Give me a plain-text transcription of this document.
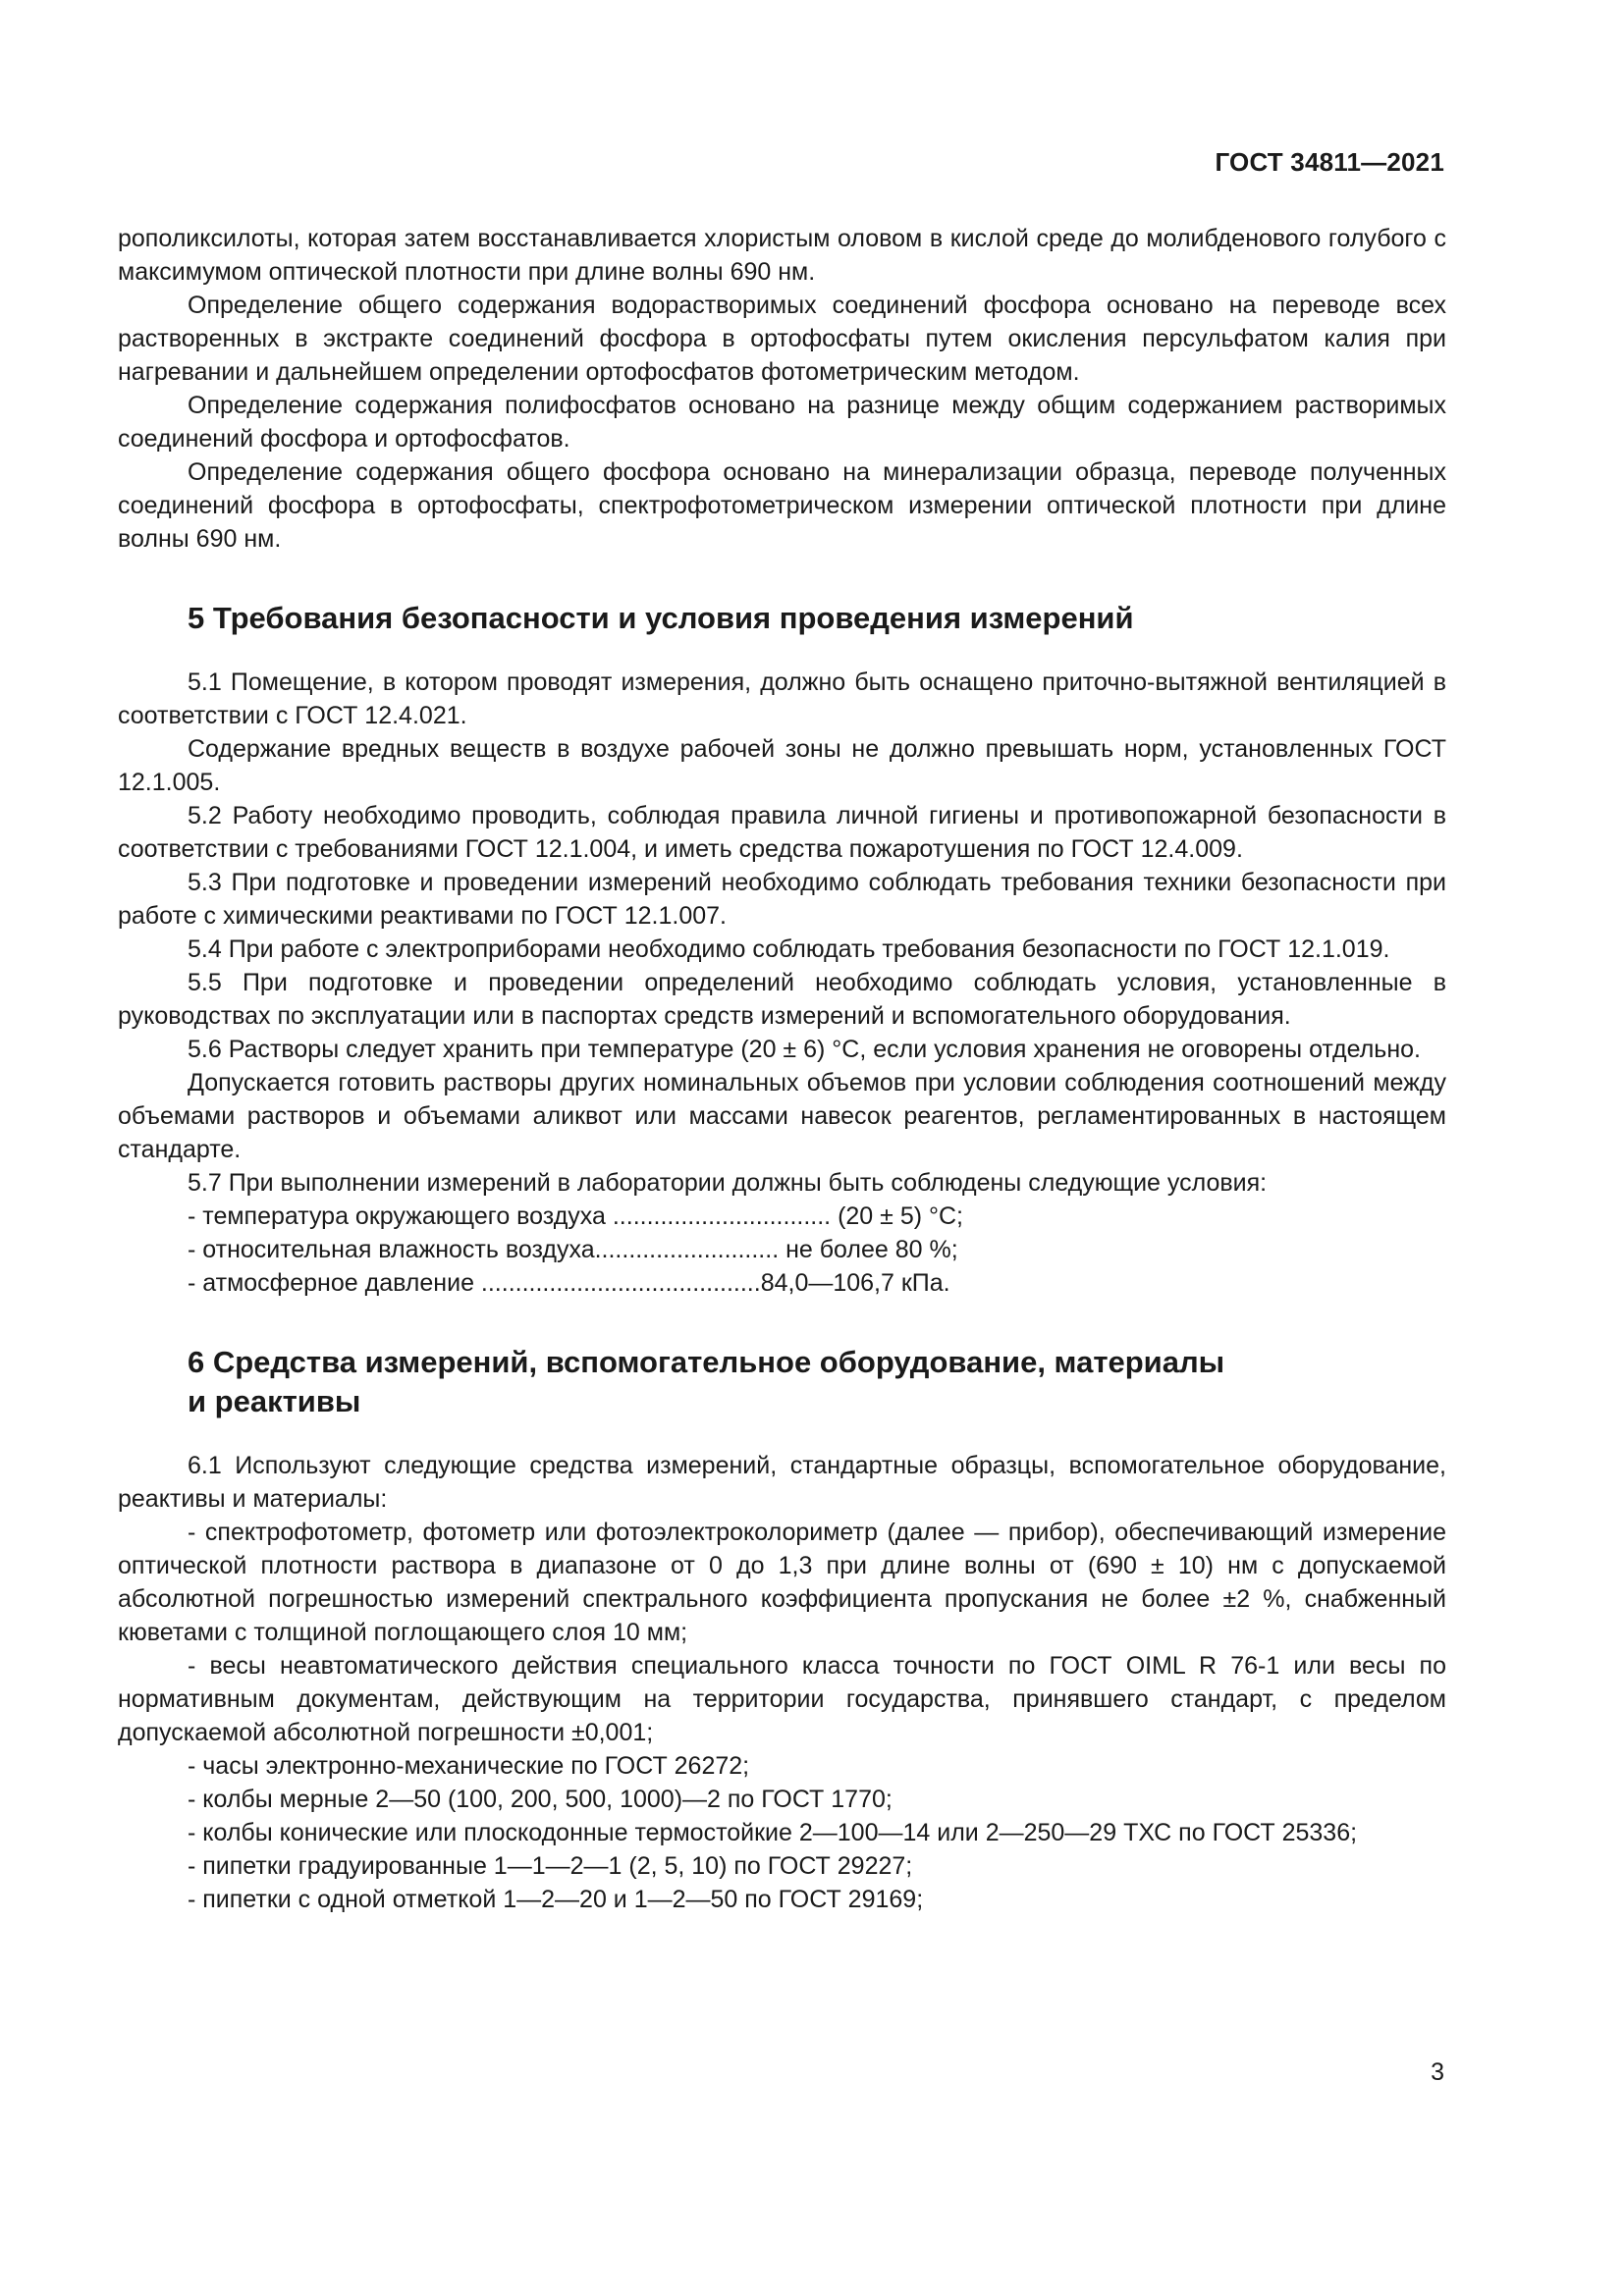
ГОСТ 34811—2021

рополиксилоты, которая затем восстанавливается хлористым оловом в кислой среде до молибденового голубого с максимумом оптической плотности при длине волны 690 нм.

Определение общего содержания водорастворимых соединений фосфора основано на переводе всех растворенных в экстракте соединений фосфора в ортофосфаты путем окисления персульфатом калия при нагревании и дальнейшем определении ортофосфатов фотометрическим методом.

Определение содержания полифосфатов основано на разнице между общим содержанием растворимых соединений фосфора и ортофосфатов.

Определение содержания общего фосфора основано на минерализации образца, переводе полученных соединений фосфора в ортофосфаты, спектрофотометрическом измерении оптической плотности при длине волны 690 нм.

5 Требования безопасности и условия проведения измерений

5.1 Помещение, в котором проводят измерения, должно быть оснащено приточно-вытяжной вентиляцией в соответствии с ГОСТ 12.4.021.

Содержание вредных веществ в воздухе рабочей зоны не должно превышать норм, установленных ГОСТ 12.1.005.

5.2 Работу необходимо проводить, соблюдая правила личной гигиены и противопожарной безопасности в соответствии с требованиями ГОСТ 12.1.004, и иметь средства пожаротушения по ГОСТ 12.4.009.

5.3 При подготовке и проведении измерений необходимо соблюдать требования техники безопасности при работе с химическими реактивами по ГОСТ 12.1.007.

5.4 При работе с электроприборами необходимо соблюдать требования безопасности по ГОСТ 12.1.019.

5.5 При подготовке и проведении определений необходимо соблюдать условия, установленные в руководствах по эксплуатации или в паспортах средств измерений и вспомогательного оборудования.

5.6 Растворы следует хранить при температуре (20 ± 6) °С, если условия хранения не оговорены отдельно.

Допускается готовить растворы других номинальных объемов при условии соблюдения соотношений между объемами растворов и объемами аликвот или массами навесок реагентов, регламентированных в настоящем стандарте.

5.7 При выполнении измерений в лаборатории должны быть соблюдены следующие условия:

- температура окружающего воздуха ................................ (20 ± 5) °С;

- относительная влажность воздуха........................... не более 80 %;

- атмосферное давление .........................................84,0—106,7 кПа.

6 Средства измерений, вспомогательное оборудование, материалы
и реактивы

6.1 Используют следующие средства измерений, стандартные образцы, вспомогательное оборудование, реактивы и материалы:

- спектрофотометр, фотометр или фотоэлектроколориметр (далее — прибор), обеспечивающий измерение оптической плотности раствора в диапазоне от 0 до 1,3 при длине волны от (690 ± 10) нм с допускаемой абсолютной погрешностью измерений спектрального коэффициента пропускания не более ±2 %, снабженный кюветами с толщиной поглощающего слоя 10 мм;

- весы неавтоматического действия специального класса точности по ГОСТ OIML R 76-1 или весы по нормативным документам, действующим на территории государства, принявшего стандарт, с пределом допускаемой абсолютной погрешности ±0,001;

- часы электронно-механические по ГОСТ 26272;

- колбы мерные 2—50 (100, 200, 500, 1000)—2 по ГОСТ 1770;

- колбы конические или плоскодонные термостойкие 2—100—14 или 2—250—29 ТХС по ГОСТ 25336;

- пипетки градуированные 1—1—2—1 (2, 5, 10) по ГОСТ 29227;

- пипетки с одной отметкой 1—2—20 и 1—2—50 по ГОСТ 29169;

3
